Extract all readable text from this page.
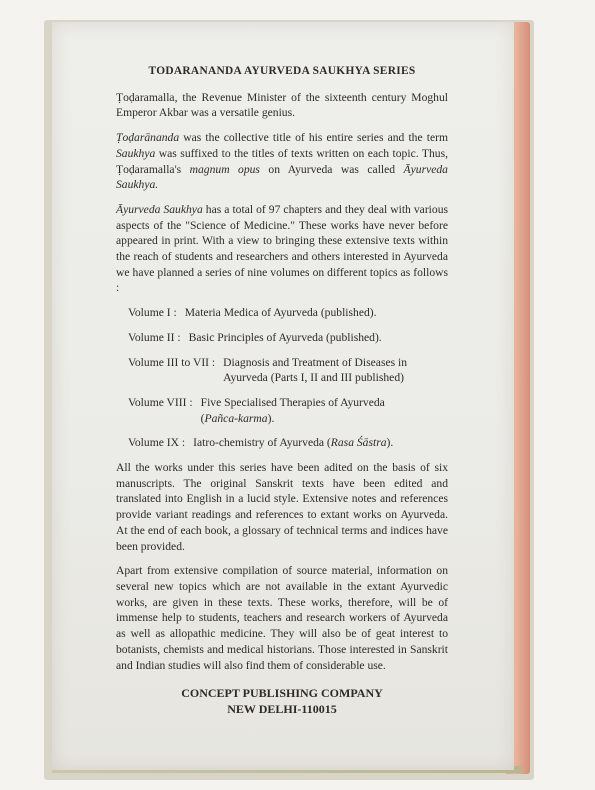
TODARANANDA AYURVEDA SAUKHYA SERIES

Ṭoḍaramalla, the Revenue Minister of the sixteenth century Moghul Emperor Akbar was a versatile genius.

Ṭoḍarānanda was the collective title of his entire series and the term Saukhya was suffixed to the titles of texts written on each topic. Thus, Ṭoḍaramalla's magnum opus on Ayurveda was called Āyurveda Saukhya.

Āyurveda Saukhya has a total of 97 chapters and they deal with various aspects of the "Science of Medicine." These works have never before appeared in print. With a view to bringing these extensive texts within the reach of students and researchers and others interested in Ayurveda we have planned a series of nine volumes on different topics as follows :

Volume I : Materia Medica of Ayurveda (published).
Volume II : Basic Principles of Ayurveda (published).
Volume III to VII : Diagnosis and Treatment of Diseases in Ayurveda (Parts I, II and III published)
Volume VIII : Five Specialised Therapies of Ayurveda
(Pañca-karma).
Volume IX : Iatro-chemistry of Ayurveda (Rasa Śāstra).

All the works under this series have been adited on the basis of six manuscripts. The original Sanskrit texts have been edited and translated into English in a lucid style. Extensive notes and references provide variant readings and references to extant works on Ayurveda. At the end of each book, a glossary of technical terms and indices have been provided.

Apart from extensive compilation of source material, information on several new topics which are not available in the extant Ayurvedic works, are given in these texts. These works, therefore, will be of immense help to students, teachers and research workers of Ayurveda as well as allopathic medicine. They will also be of geat interest to botanists, chemists and medical historians. Those interested in Sanskrit and Indian studies will also find them of considerable use.

CONCEPT PUBLISHING COMPANY
NEW DELHI-110015
